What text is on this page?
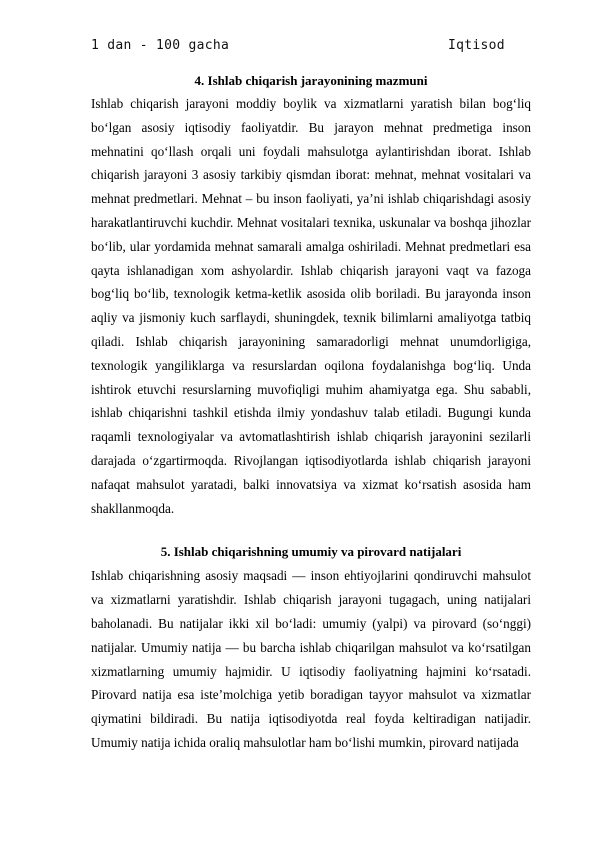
1 dan - 100 gacha	Iqtisod
4. Ishlab chiqarish jarayonining mazmuni

Ishlab chiqarish jarayoni moddiy boylik va xizmatlarni yaratish bilan bog‘liq bo‘lgan asosiy iqtisodiy faoliyatdir. Bu jarayon mehnat predmetiga inson mehnatini qo‘llash orqali uni foydali mahsulotga aylantirishdan iborat. Ishlab chiqarish jarayoni 3 asosiy tarkibiy qismdan iborat: mehnat, mehnat vositalari va mehnat predmetlari. Mehnat – bu inson faoliyati, ya’ni ishlab chiqarishdagi asosiy harakatlantiruvchi kuchdir. Mehnat vositalari texnika, uskunalar va boshqa jihozlar bo‘lib, ular yordamida mehnat samarali amalga oshiriladi. Mehnat predmetlari esa qayta ishlanadigan xom ashyolardir. Ishlab chiqarish jarayoni vaqt va fazoga bog‘liq bo‘lib, texnologik ketma-ketlik asosida olib boriladi. Bu jarayonda inson aqliy va jismoniy kuch sarflaydi, shuningdek, texnik bilimlarni amaliyotga tatbiq qiladi. Ishlab chiqarish jarayonining samaradorligi mehnat unumdorligiga, texnologik yangiliklarga va resurslardan oqilona foydalanishga bog‘liq. Unda ishtirok etuvchi resurslarning muvofiqligi muhim ahamiyatga ega. Shu sababli, ishlab chiqarishni tashkil etishda ilmiy yondashuv talab etiladi. Bugungi kunda raqamli texnologiyalar va avtomatlashtirish ishlab chiqarish jarayonini sezilarli darajada o‘zgartirmoqda. Rivojlangan iqtisodiyotlarda ishlab chiqarish jarayoni nafaqat mahsulot yaratadi, balki innovatsiya va xizmat ko‘rsatish asosida ham shakllanmoqda.

5. Ishlab chiqarishning umumiy va pirovard natijalari

Ishlab chiqarishning asosiy maqsadi — inson ehtiyojlarini qondiruvchi mahsulot va xizmatlarni yaratishdir. Ishlab chiqarish jarayoni tugagach, uning natijalari baholanadi. Bu natijalar ikki xil bo‘ladi: umumiy (yalpi) va pirovard (so‘nggi) natijalar. Umumiy natija — bu barcha ishlab chiqarilgan mahsulot va ko‘rsatilgan xizmatlarning umumiy hajmidir. U iqtisodiy faoliyatning hajmini ko‘rsatadi. Pirovard natija esa iste’molchiga yetib boradigan tayyor mahsulot va xizmatlar qiymatini bildiradi. Bu natija iqtisodiyotda real foyda keltiradigan natijadir. Umumiy natija ichida oraliq mahsulotlar ham bo‘lishi mumkin, pirovard natijada
